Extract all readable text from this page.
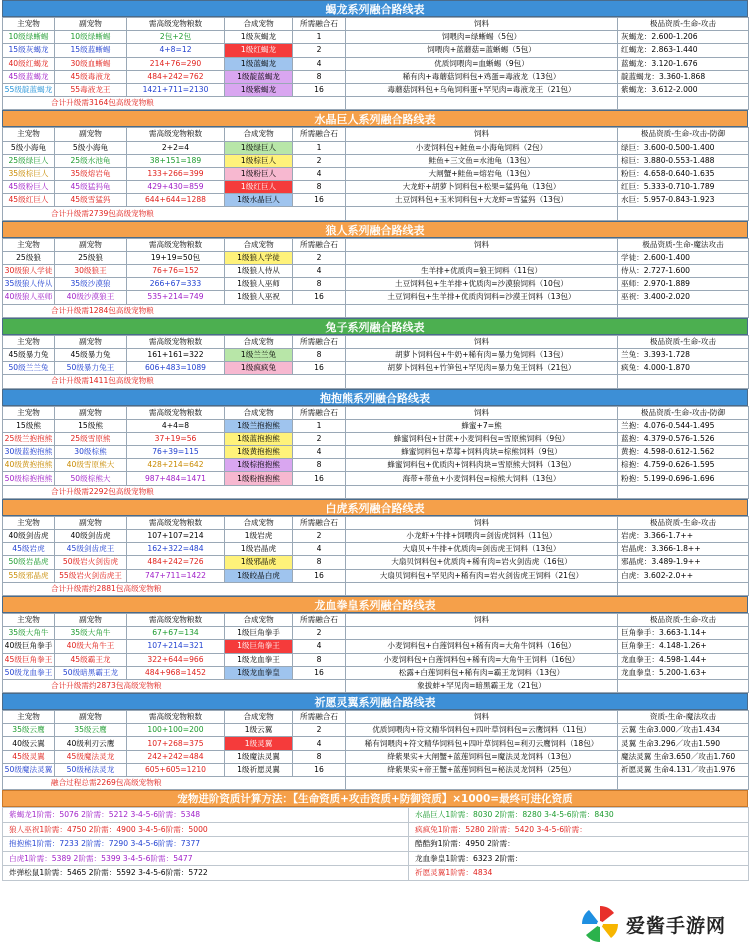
蝎龙系列融合路线表
主宠物	副宠物	需高级宠物粮数	合成宠物	所需融合石	饲料	极品资质-生命-攻击
10级绿蜥蜴	10级绿蜥蜴	2包+2包	1级灰蝎龙	1	饲喂肉=绿蜥蜴（5包）	灰蝎龙：2.600-1.206
15级灰蝎龙	15级蓝蜥蜴	4+8=12	1级红蝎龙	2	饲喂肉+蓝蘑菇=蓝蜥蜴（5包）	红蝎龙：2.863-1.440
40级红蝎龙	30级血蜥蜴	214+76=290	1级蓝蝎龙	4	优质饲喂肉=血蜥蜴（9包）	蓝蝎龙：3.120-1.676
45级蓝蝎龙	45级毒液龙	484+242=762	1级靛蓝蝎龙	8	稀有肉+毒蘑菇饲料包+鸡蛋=毒液龙（13包）	靛蓝蝎龙：3.360-1.868
55级靛蓝蝎龙	55毒液龙王	1421+711=2130	1级紫蝎龙	16	毒蘑菇饲料包+乌龟饲料蛋+罕见肉=毒液龙王（21包）	紫蝎龙：3.612-2.000
合计升级需3164包高级宠物粮						
水晶巨人系列融合路线表
主宠物	副宠物	需高级宠物粮数	合成宠物	所需融合石	饲料	极品资质-生命-攻击-防御
5级小海龟	5级小海龟	2+2=4	1级绿巨人	1	小麦饲料包+鲑鱼=小海龟饲料（2包）	绿巨：3.600-0.500-1.400
25级绿巨人	25级水池龟	38+151=189	1级棕巨人	2	鲑鱼+三文鱼=水池龟（13包）	棕巨：3.880-0.553-1.488
35级棕巨人	35级熔岩龟	133+266=399	1级粉巨人	4	大闸蟹+鲑鱼=熔岩龟（13包）	粉巨：4.658-0.640-1.635
45级粉巨人	45级猛犸龟	429+430=859	1级红巨人	8	大龙虾+胡萝卜饲料包+松果=猛犸龟（13包）	红巨：5.333-0.710-1.789
45级红巨人	45级雪猛犸	644+644=1288	1级水晶巨人	16	土豆饲料包+玉米饲料包+大龙虾=雪猛犸（13包）	水巨：5.957-0.843-1.923
合计升级需2739包高级宠物粮						
狼人系列融合路线表
主宠物	副宠物	需高级宠物粮数	合成宠物	所需融合石	饲料	极品资质-生命-魔法攻击
25级狼	25级狼	19+19=50包	1级狼人学徒	2		学徒：2.600-1.400
30级狼人学徒	30级狼王	76+76=152	1级狼人侍从	4	生羊排+优质肉=狼王饲料（11包）	侍从：2.727-1.600
35级狼人侍从	35级沙漠狼	266+67=333	1级狼人巫师	8	土豆饲料包+生羊排+优质肉=沙漠狼饲料（10包）	巫师：2.970-1.889
40级狼人巫师	40级沙漠狼王	535+214=749	1级狼人巫祝	16	土豆饲料包+生羊排+优质肉饲料=沙漠王饲料（13包）	巫祝：3.400-2.020
合计升级需1284包高级宠物粮						
兔子系列融合路线表
主宠物	副宠物	需高级宠物粮数	合成宠物	所需融合石	饲料	极品资质-生命-攻击
45级暴力兔	45级暴力兔	161+161=322	1级兰兰兔	8	胡萝卜饲料包+牛奶+稀有肉=暴力兔饲料（13包）	兰兔：3.393-1.728
50级兰兰兔	50级暴力兔王	606+483=1089	1级疯疯兔	16	胡萝卜饲料包+竹笋包+罕见肉=暴力兔王饲料（21包）	疯兔：4.000-1.870
合计升级需1411包高级宠物粮						
抱抱熊系列融合路线表
主宠物	副宠物	需高级宠物粮数	合成宠物	所需融合石	饲料	极品资质-生命-攻击-防御
15级熊	15级熊	4+4=8	1级兰抱抱熊	1	蜂蜜+7=熊	兰抱：4.076-0.544-1.495
25级兰抱抱熊	25级雪原熊	37+19=56	1级蓝抱抱熊	2	蜂蜜饲料包+甘蔗+小麦饲料包=雪原熊饲料（9包）	蓝抱：4.379-0.576-1.526
30级蓝抱抱熊	30级棕熊	76+39=115	1级黄抱抱熊	4	蜂蜜饲料包+草莓+饲料肉块=棕熊饲料（9包）	黄抱：4.598-0.612-1.562
40级黄抱抱熊	40级雪原熊大	428+214=642	1级棕抱抱熊	8	蜂蜜饲料包+优质肉+饲料肉块=雪原熊大饲料（13包）	棕抱：4.759-0.626-1.595
50级棕抱抱熊	50级棕熊大	987+484=1471	1级粉抱抱熊	16	海带+带鱼+小麦饲料包=棕熊大饲料（13包）	粉抱：5.199-0.696-1.696
合计升级需2292包高级宠物粮						
白虎系列融合路线表
主宠物	副宠物	需高级宠物粮数	合成宠物	所需融合石	饲料	极品资质-生命-攻击
40级剑齿虎	40级剑齿虎	107+107=214	1级岩虎	2	小龙虾+牛排+饲喂肉=剑齿虎饲料（11包）	岩虎：3.366-1.7++
45级岩虎	45级剑齿虎王	162+322=484	1级岩晶虎	4	大扇贝+牛排+优质肉=剑齿虎王饲料（13包）	岩晶虎：3.366-1.8++
50级岩晶虎	50级岩火剑齿虎	484+242=726	1级邪晶虎	8	大扇贝饲料包+优质肉+稀有肉=岩火剑齿虎（16包）	邪晶虎：3.489-1.9++
55级邪晶虎	55级岩火剑齿虎王	747+711=1422	1级皎晶白虎	16	大扇贝饲料包+罕见肉+稀有肉=岩火剑齿虎王饲料（21包）	白虎：3.602-2.0++
合计升级需约2881包高级宠物粮						
龙血拳皇系列融合路线表
主宠物	副宠物	需高级宠物粮数	合成宠物	所需融合石	饲料	极品资质-生命-攻击
35级大角牛	35级大角牛	67+67=134	1级巨角拳手	2		巨角拳手：3.663-1.14+
40级巨角拳手	40级大角牛王	107+214=321	1级巨角拳王	4	小麦饲料包+白莲饲料包+稀有肉=大角牛饲料（16包）	巨角拳王：4.148-1.26+
45级巨角拳王	45级霸王龙	322+644=966	1级龙血拳王	8	小麦饲料包+白莲饲料包+稀有肉=大角牛王饲料（16包）	龙血拳王：4.598-1.44+
50级龙血拳王	50级暗黑霸王龙	484+968=1452	1级龙血拳皇	16	松露+白莲饲料包+稀有肉=霸王龙饲料（13包）	龙血拳皇：5.200-1.63+
合计升级需约2873包高级宠物粮					象拔蚌+罕见肉=暗黑霸王龙（21包）	
祈愿灵翼系列融合路线表
主宠物	副宠物	需高级宠物粮数	合成宠物	所需融合石	饲料	资质-生命-魔法攻击
35级云鹰	35级云鹰	100+100=200	1级云翼	2	优质饲喂肉+符文精华饲料包+四叶草饲料包=云鹰饲料（11包）	云翼 生命3.000／攻击1.434
40级云翼	40级利刃云鹰	107+268=375	1级灵翼	4	稀有饲喂肉+符文精华饲料包+四叶草饲料包=利刃云鹰饲料（18包）	灵翼 生命3.296／攻击1.590
45级灵翼	45级魔法灵龙	242+242=484	1级魔法灵翼	8	绛紫果实+大闸蟹+蓝莲饲料包=魔法灵龙饲料（13包）	魔法灵翼 生命3.650／攻击1.760
50级魔法灵翼	50级秘法灵龙	605+605=1210	1级祈愿灵翼	16	绛紫果实+帝王蟹+蓝莲饲料包=秘法灵龙饲料（25包）	祈愿灵翼 生命4.131／攻击1.976
融合过程总需2269包高级宠物粮						
宠物进阶资质计算方法：【生命资质+攻击资质+防御资质】×1000=最终可进化资质
紫蝎龙1阶需：5076 2阶需：5212 3-4-5-6阶需：5348	水晶巨人1阶需：8030 2阶需：8280 3-4-5-6阶需：8430
狼人巫祝1阶需：4750 2阶需：4900 3-4-5-6阶需：5000	疯疯兔1阶需：5280 2阶需：5420 3-4-5-6阶需：
抱抱熊1阶需：7233 2阶需：7290 3-4-5-6阶需：7377	酷酷狗1阶需：4950 2阶需：
白虎1阶需：5389 2阶需：5399 3-4-5-6阶需：5477	龙血拳皇1阶需：6323 2阶需：
炸弹松鼠1阶需：5465 2阶需：5592 3-4-5-6阶需：5722	祈愿灵翼1阶需：4834
爱酱手游网
